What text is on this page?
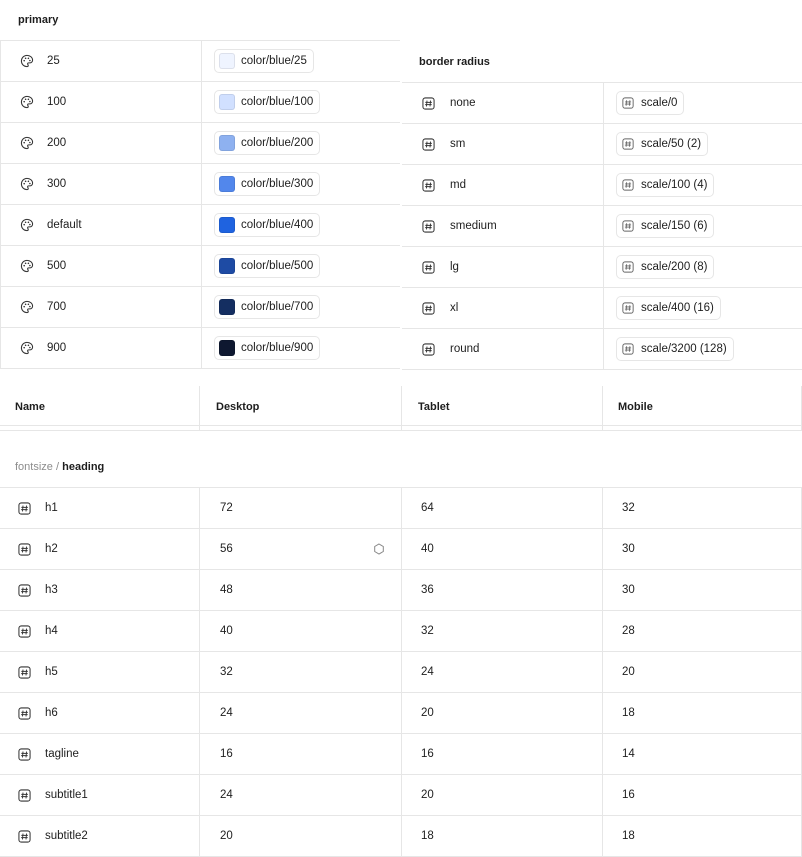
primary
25	color/blue/25
100	color/blue/100
200	color/blue/200
300	color/blue/300
default	color/blue/400
500	color/blue/500
700	color/blue/700
900	color/blue/900
border radius
none	scale/0
sm	scale/50 (2)
md	scale/100 (4)
smedium	scale/150 (6)
lg	scale/200 (8)
xl	scale/400 (16)
round	scale/3200 (128)
Name	Desktop	Tablet	Mobile
fontsize / heading
h1	72	64	32
h2	56	40	30
h3	48	36	30
h4	40	32	28
h5	32	24	20
h6	24	20	18
tagline	16	16	14
subtitle1	24	20	16
subtitle2	20	18	18
